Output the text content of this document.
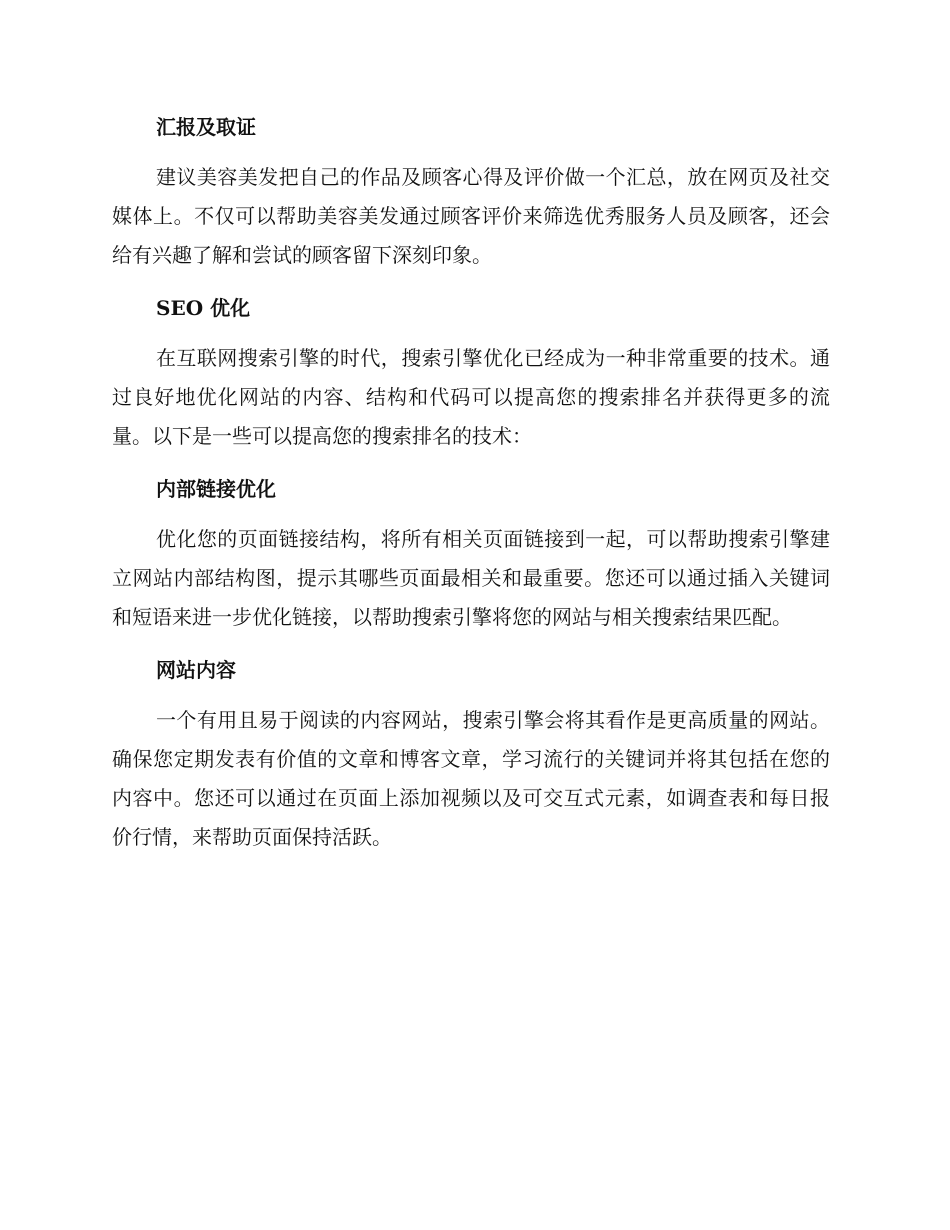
汇报及取证

建议美容美发把自己的作品及顾客心得及评价做一个汇总，放在网页及社交媒体上。不仅可以帮助美容美发通过顾客评价来筛选优秀服务人员及顾客，还会给有兴趣了解和尝试的顾客留下深刻印象。

SEO 优化

在互联网搜索引擎的时代，搜索引擎优化已经成为一种非常重要的技术。通过良好地优化网站的内容、结构和代码可以提高您的搜索排名并获得更多的流量。以下是一些可以提高您的搜索排名的技术：

内部链接优化

优化您的页面链接结构，将所有相关页面链接到一起，可以帮助搜索引擎建立网站内部结构图，提示其哪些页面最相关和最重要。您还可以通过插入关键词和短语来进一步优化链接，以帮助搜索引擎将您的网站与相关搜索结果匹配。

网站内容

一个有用且易于阅读的内容网站，搜索引擎会将其看作是更高质量的网站。确保您定期发表有价值的文章和博客文章，学习流行的关键词并将其包括在您的内容中。您还可以通过在页面上添加视频以及可交互式元素，如调查表和每日报价行情，来帮助页面保持活跃。
